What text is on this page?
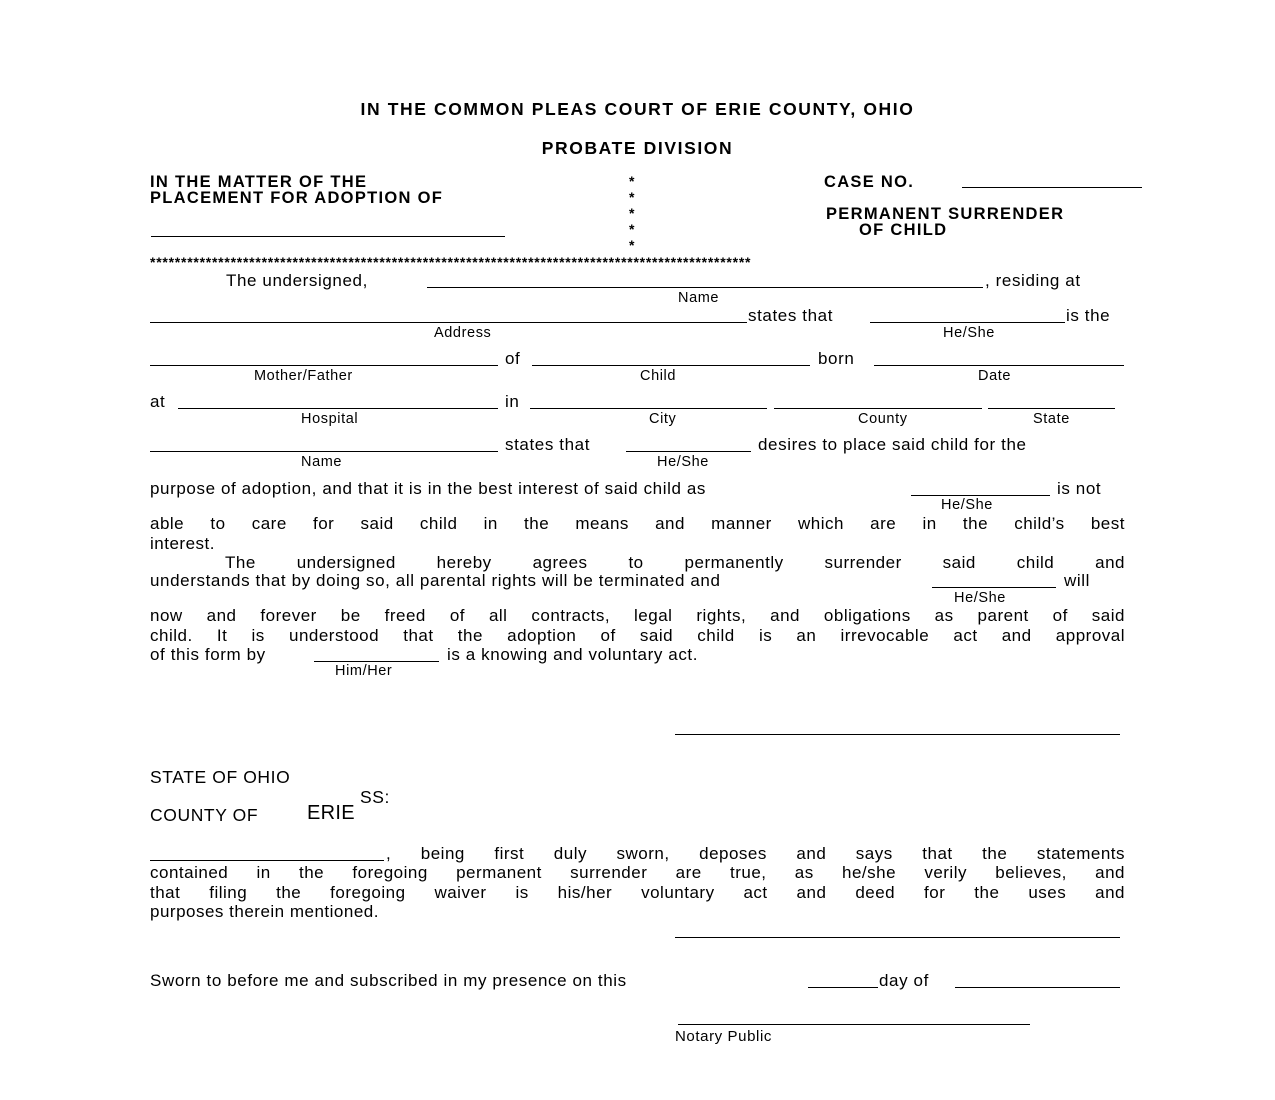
IN THE COMMON PLEAS COURT OF ERIE COUNTY, OHIO
PROBATE DIVISION
IN THE MATTER OF THE
PLACEMENT FOR ADOPTION OF
*
*
*
*
*
CASE NO.
PERMANENT SURRENDER
OF CHILD
*************************************************************************************************
The undersigned,	, residing at
Name
states that	is the
Address	He/She
of	born
Mother/Father	Child	Date
at	in
Hospital	City	County	State
states that	desires to place said child for the
Name	He/She
purpose of adoption, and that it is in the best interest of said child as	is not
He/She
able to care for said child in the means and manner which are in the child’s best
interest.
The undersigned hereby agrees to permanently surrender said child and
understands that by doing so, all parental rights will be terminated and	will
He/She
now and forever be freed of all contracts, legal rights, and obligations as parent of said
child. It is understood that the adoption of said child is an irrevocable act and approval
of this form by	is a knowing and voluntary act.
Him/Her
STATE OF OHIO
SS:
COUNTY OF ERIE
, being first duly sworn, deposes and says that the statements
contained in the foregoing permanent surrender are true, as he/she verily believes, and
that filing the foregoing waiver is his/her voluntary act and deed for the uses and
purposes therein mentioned.
Sworn to before me and subscribed in my presence on this	day of
Notary Public
